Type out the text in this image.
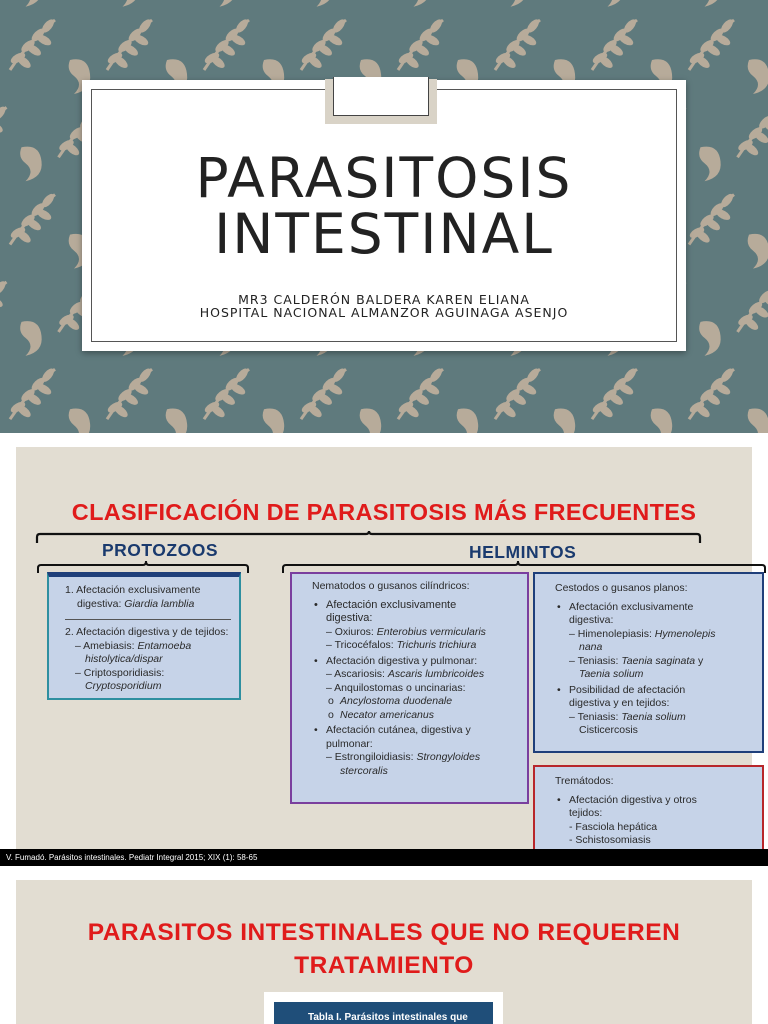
PARASITOSIS
INTESTINAL
MR3 CALDERÓN BALDERA KAREN ELIANA
HOSPITAL NACIONAL ALMANZOR AGUINAGA ASENJO
CLASIFICACIÓN DE PARASITOSIS MÁS FRECUENTES
PROTOZOOS	HELMINTOS
1. Afectación exclusivamente
digestiva: Giardia lamblia
2. Afectación digestiva y de tejidos:
– Amebiasis: Entamoeba
histolytica/dispar
– Criptosporidiasis:
Cryptosporidium
Nematodos o gusanos cilíndricos:
• Afectación exclusivamente
digestiva:
– Oxiuros: Enterobius vermicularis
– Tricocéfalos: Trichuris trichiura
• Afectación digestiva y pulmonar:
– Ascariosis: Ascaris lumbricoides
– Anquilostomas o uncinarias:
o Ancylostoma duodenale
o Necator americanus
• Afectación cutánea, digestiva y
pulmonar:
– Estrongiloidiasis: Strongyloides
stercoralis
Cestodos o gusanos planos:
• Afectación exclusivamente
digestiva:
– Himenolepiasis: Hymenolepis
nana
– Teniasis: Taenia saginata y
Taenia solium
• Posibilidad de afectación
digestiva y en tejidos:
– Teniasis: Taenia solium
Cisticercosis
Tremátodos:
• Afectación digestiva y otros
tejidos:
- Fasciola hepática
- Schistosomiasis
V. Fumadó. Parásitos intestinales. Pediatr Integral 2015; XIX (1): 58-65
PARASITOS INTESTINALES QUE NO REQUEREN TRATAMIENTO
Tabla I. Parásitos intestinales que
